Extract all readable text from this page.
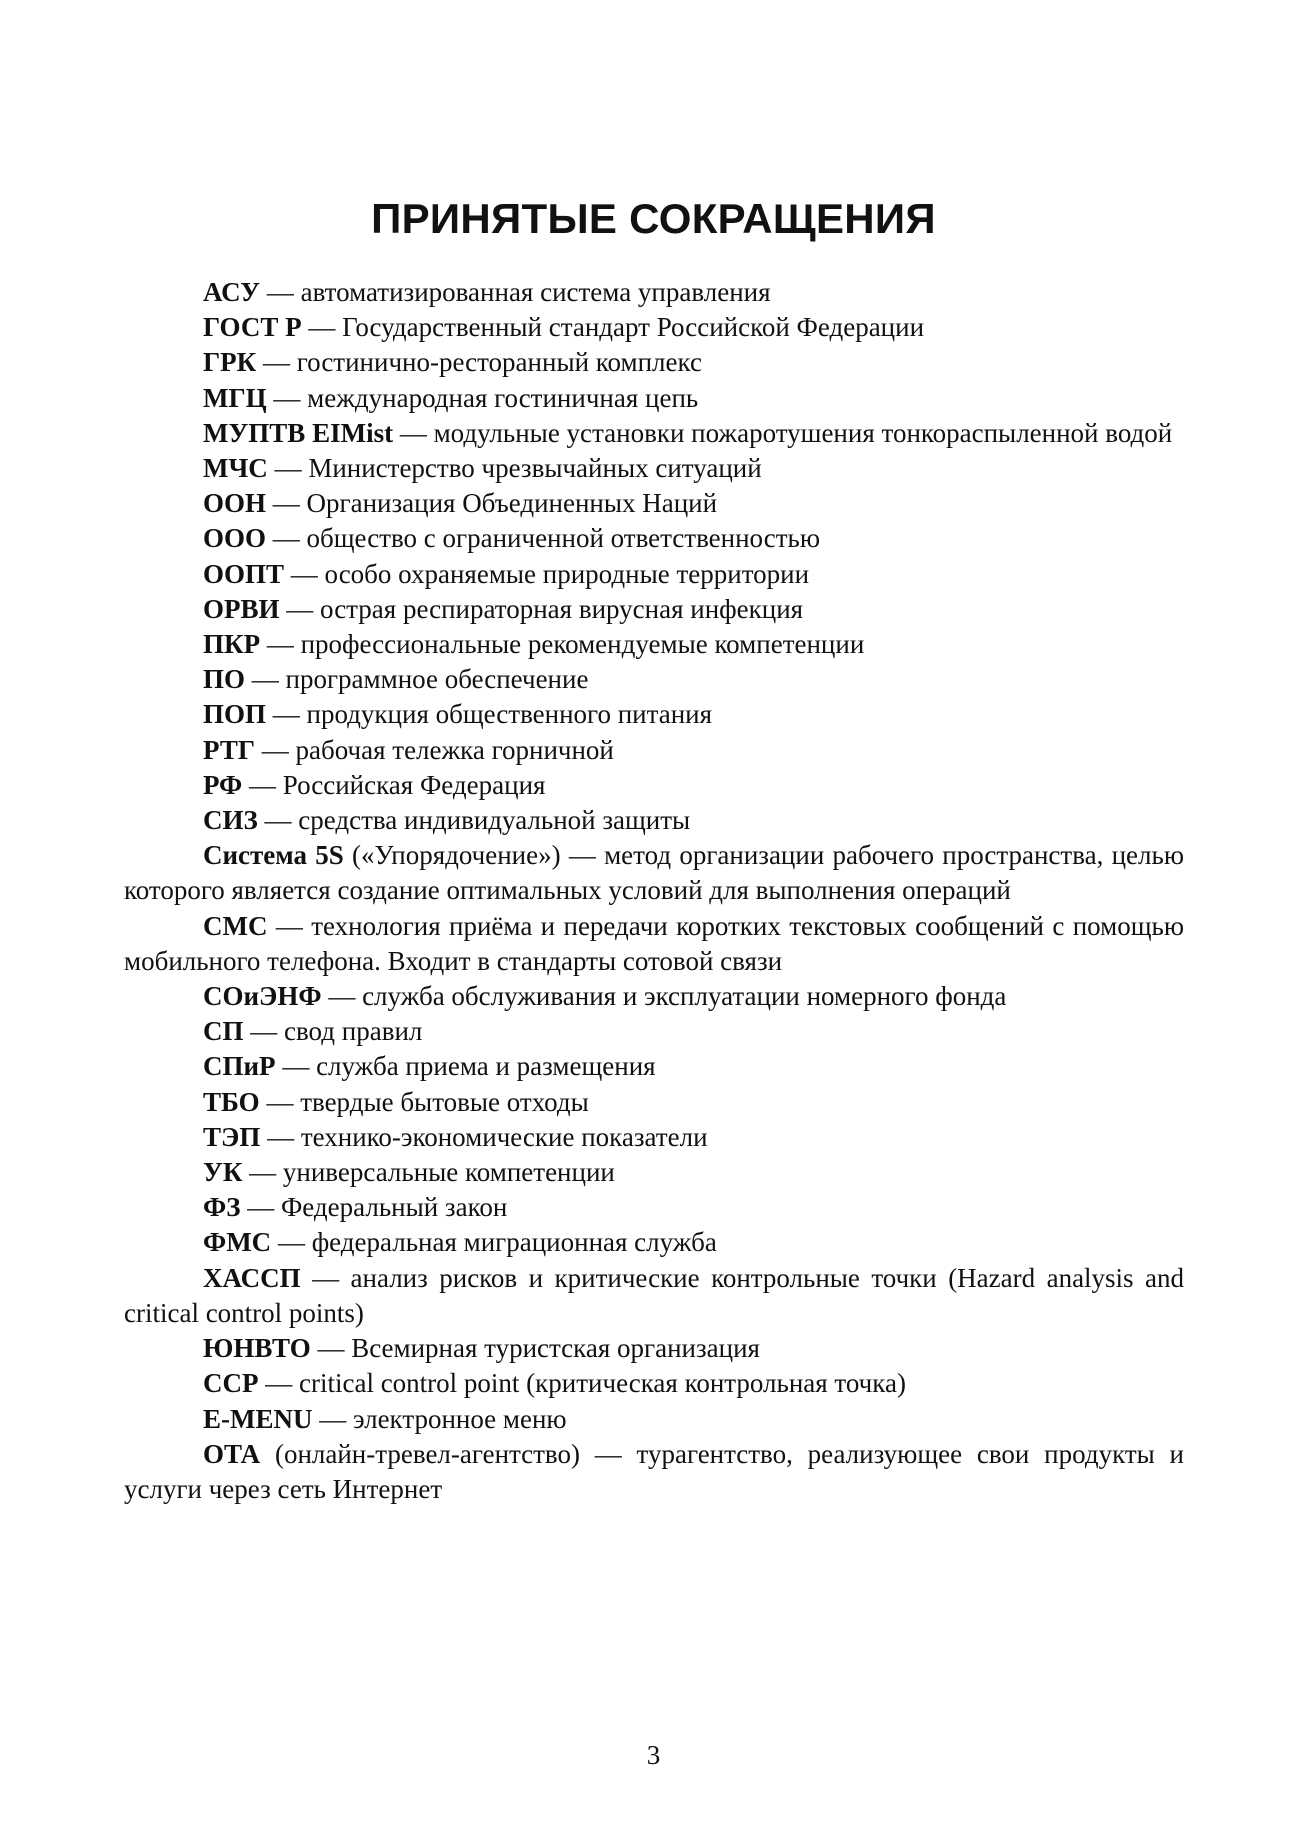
ПРИНЯТЫЕ СОКРАЩЕНИЯ

АСУ — автоматизированная система управления

ГОСТ Р — Государственный стандарт Российской Федерации

ГРК — гостинично-ресторанный комплекс

МГЦ — международная гостиничная цепь

МУПТВ EIMist — модульные установки пожаротушения тонкораспыленной водой

МЧС — Министерство чрезвычайных ситуаций

ООН — Организация Объединенных Наций

ООО — общество с ограниченной ответственностью

ООПТ — особо охраняемые природные территории

ОРВИ — острая респираторная вирусная инфекция

ПКР — профессиональные рекомендуемые компетенции

ПО — программное обеспечение

ПОП — продукция общественного питания

РТГ — рабочая тележка горничной

РФ — Российская Федерация

СИЗ — средства индивидуальной защиты

Система 5S («Упорядочение») — метод организации рабочего пространства, целью которого является создание оптимальных условий для выполнения операций

СМС — технология приёма и передачи коротких текстовых сообщений с помощью мобильного телефона. Входит в стандарты сотовой связи

СОиЭНФ — служба обслуживания и эксплуатации номерного фонда

СП — свод правил

СПиР — служба приема и размещения

ТБО — твердые бытовые отходы

ТЭП — технико-экономические показатели

УК — универсальные компетенции

ФЗ — Федеральный закон

ФМС — федеральная миграционная служба

ХАССП — анализ рисков и критические контрольные точки (Hazard analysis and critical control points)

ЮНВТО — Всемирная туристская организация

CCP — critical control point (критическая контрольная точка)

E-MENU — электронное меню

ОТА (онлайн-тревел-агентство) — турагентство, реализующее свои продукты и услуги через сеть Интернет

3
